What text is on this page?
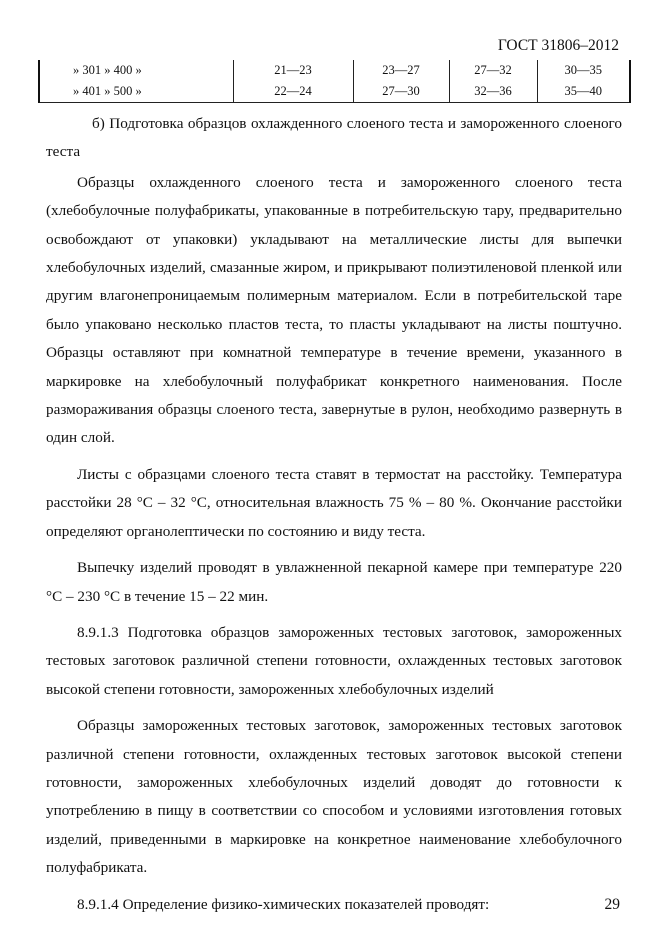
ГОСТ 31806–2012
» 301 » 400 »	21—23	23—27	27—32	30—35
» 401 » 500 »	22—24	27—30	32—36	35—40

б) Подготовка образцов охлажденного слоеного теста и замороженного слоеного теста

Образцы охлажденного слоеного теста и замороженного слоеного теста (хлебобулочные полуфабрикаты, упакованные в потребительскую тару, предварительно освобождают от упаковки) укладывают на металлические листы для выпечки хлебобулочных изделий, смазанные жиром, и прикрывают полиэтиленовой пленкой или другим влагонепроницаемым полимерным материалом. Если в потребительской таре было упаковано несколько пластов теста, то пласты укладывают на листы поштучно. Образцы оставляют при комнатной температуре в течение времени, указанного в маркировке на хлебобулочный полуфабрикат конкретного наименования. После размораживания образцы слоеного теста, завернутые в рулон, необходимо развернуть в один слой.

Листы с образцами слоеного теста ставят в термостат на расстойку. Температура расстойки 28 °С – 32 °С, относительная влажность 75 % – 80 %. Окончание расстойки определяют органолептически по состоянию и виду теста.

Выпечку изделий проводят в увлажненной пекарной камере при температуре 220 °С – 230 °С в течение 15 – 22 мин.

8.9.1.3 Подготовка образцов замороженных тестовых заготовок, замороженных тестовых заготовок различной степени готовности, охлажденных тестовых заготовок высокой степени готовности, замороженных хлебобулочных изделий

Образцы замороженных тестовых заготовок, замороженных тестовых заготовок различной степени готовности, охлажденных тестовых заготовок высокой степени готовности, замороженных хлебобулочных изделий доводят до готовности к употреблению в пищу в соответствии со способом и условиями изготовления готовых изделий, приведенными в маркировке на конкретное наименование хлебобулочного полуфабриката.

8.9.1.4 Определение физико-химических показателей проводят:	29
